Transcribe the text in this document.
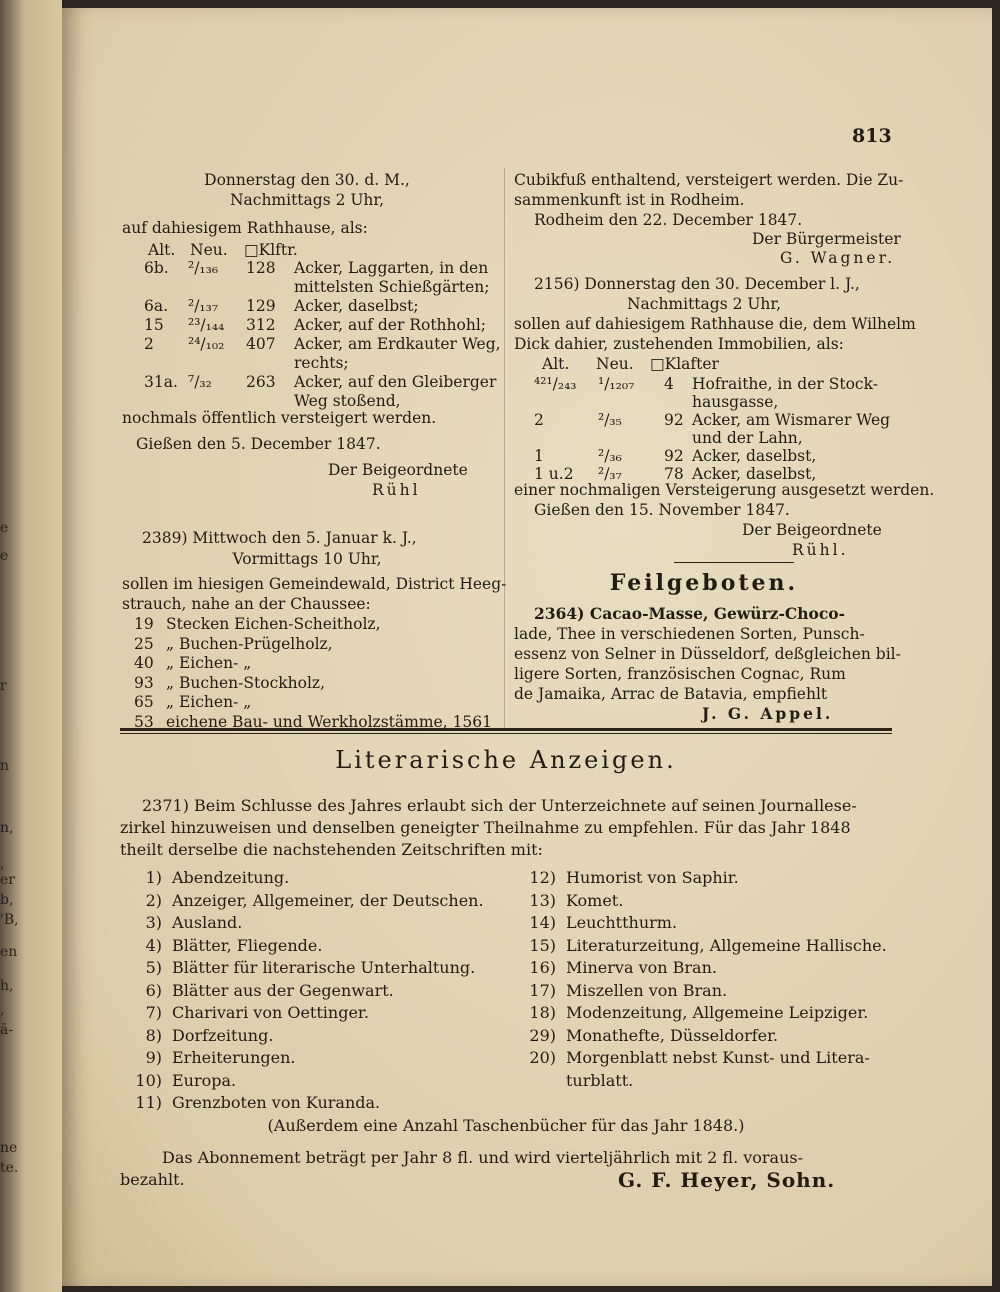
e
e
r
n
n,
,
er
b,
'B,
en
h,
,
ä-
ne
te.
813
Donnerstag den 30. d. M.,
Nachmittags 2 Uhr,
auf dahiesigem Rathhause, als:
Alt. Neu. □Klftr.
nochmals öffentlich versteigert werden.
Gießen den 5. December 1847.
Der Beigeordnete
Rühl
2389) Mittwoch den 5. Januar k. J.,
Vormittags 10 Uhr,
sollen im hiesigen Gemeindewald, District Heeg-
strauch, nahe an der Chaussee:
Cubikfuß enthaltend, versteigert werden. Die Zu-
sammenkunft ist in Rodheim.
Rodheim den 22. December 1847.
Der Bürgermeister
G. Wagner.
2156) Donnerstag den 30. December l. J.,
Nachmittags 2 Uhr,
sollen auf dahiesigem Rathhause die, dem Wilhelm
Dick dahier, zustehenden Immobilien, als:
Alt. Neu. □Klafter
einer nochmaligen Versteigerung ausgesetzt werden.
Gießen den 15. November 1847.
Der Beigeordnete
Rühl.
Feilgeboten.
2364) Cacao-Masse, Gewürz-Choco-
lade, Thee in verschiedenen Sorten, Punsch-
essenz von Selner in Düsseldorf, deßgleichen bil-
ligere Sorten, französischen Cognac, Rum
de Jamaika, Arrac de Batavia, empfiehlt
J. G. Appel.
Literarische Anzeigen.
2371) Beim Schlusse des Jahres erlaubt sich der Unterzeichnete auf seinen Journallese-
zirkel hinzuweisen und denselben geneigter Theilnahme zu empfehlen. Für das Jahr 1848
theilt derselbe die nachstehenden Zeitschriften mit:
(Außerdem eine Anzahl Taschenbücher für das Jahr 1848.)
Das Abonnement beträgt per Jahr 8 fl. und wird vierteljährlich mit 2 fl. voraus-
bezahlt.	G. F. Heyer, Sohn.
6b. ²/₁₃₆ 128 Acker, Laggarten, in den
mittelsten Schießgärten;
6a. ²/₁₃₇ 129 Acker, daselbst;
15 ²³/₁₄₄ 312 Acker, auf der Rothhohl;
2 ²⁴/₁₀₂ 407 Acker, am Erdkauter Weg,
rechts;
31a. ⁷/₃₂ 263 Acker, auf den Gleiberger
Weg stoßend,
19 Stecken Eichen-Scheitholz,
25 „ Buchen-Prügelholz,
40 „ Eichen- „
93 „ Buchen-Stockholz,
65 „ Eichen- „
53 eichene Bau- und Werkholzstämme, 1561
⁴²¹/₂₄₃ ¹/₁₂₀₇ 4 Hofraithe, in der Stock-
hausgasse,
2	²/₃₅	92 Acker, am Wismarer Weg
und der Lahn,
1	²/₃₆	92 Acker, daselbst,
1 u.2 ²/₃₇	78 Acker, daselbst,
1) Abendzeitung.
2) Anzeiger, Allgemeiner, der Deutschen.
3) Ausland.
4) Blätter, Fliegende.
5) Blätter für literarische Unterhaltung.
6) Blätter aus der Gegenwart.
7) Charivari von Oettinger.
8) Dorfzeitung.
9) Erheiterungen.
10) Europa.
11) Grenzboten von Kuranda.
12) Humorist von Saphir.
13) Komet.
14) Leuchtthurm.
15) Literaturzeitung, Allgemeine Hallische.
16) Minerva von Bran.
17) Miszellen von Bran.
18) Modenzeitung, Allgemeine Leipziger.
29) Monathefte, Düsseldorfer.
20) Morgenblatt nebst Kunst- und Litera-
turblatt.
